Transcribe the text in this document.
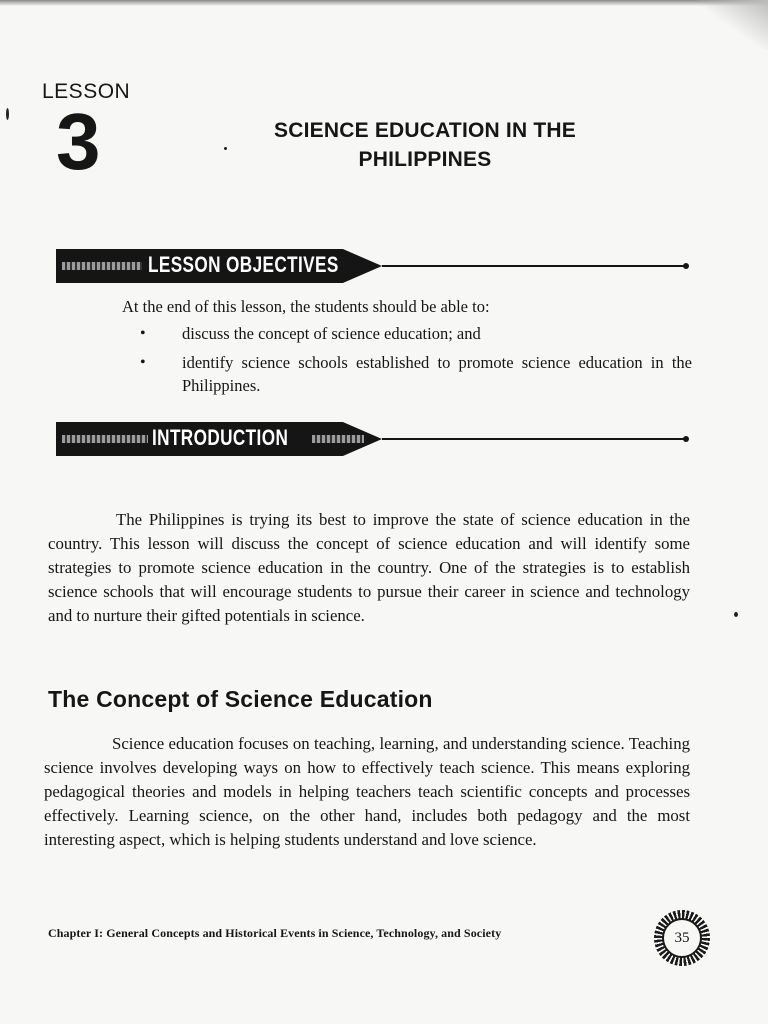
LESSON
3	SCIENCE EDUCATION IN THE
PHILIPPINES
LESSON OBJECTIVES
At the end of this lesson, the students should be able to:
• discuss the concept of science education; and
• identify science schools established to promote science education in the Philippines.
INTRODUCTION
The Philippines is trying its best to improve the state of science education in the country. This lesson will discuss the concept of science education and will identify some strategies to promote science education in the country. One of the strategies is to establish science schools that will encourage students to pursue their career in science and technology and to nurture their gifted potentials in science.
The Concept of Science Education
Science education focuses on teaching, learning, and understanding science. Teaching science involves developing ways on how to effectively teach science. This means exploring pedagogical theories and models in helping teachers teach scientific concepts and processes effectively. Learning science, on the other hand, includes both pedagogy and the most interesting aspect, which is helping students understand and love science.
Chapter I: General Concepts and Historical Events in Science, Technology, and Society	35
